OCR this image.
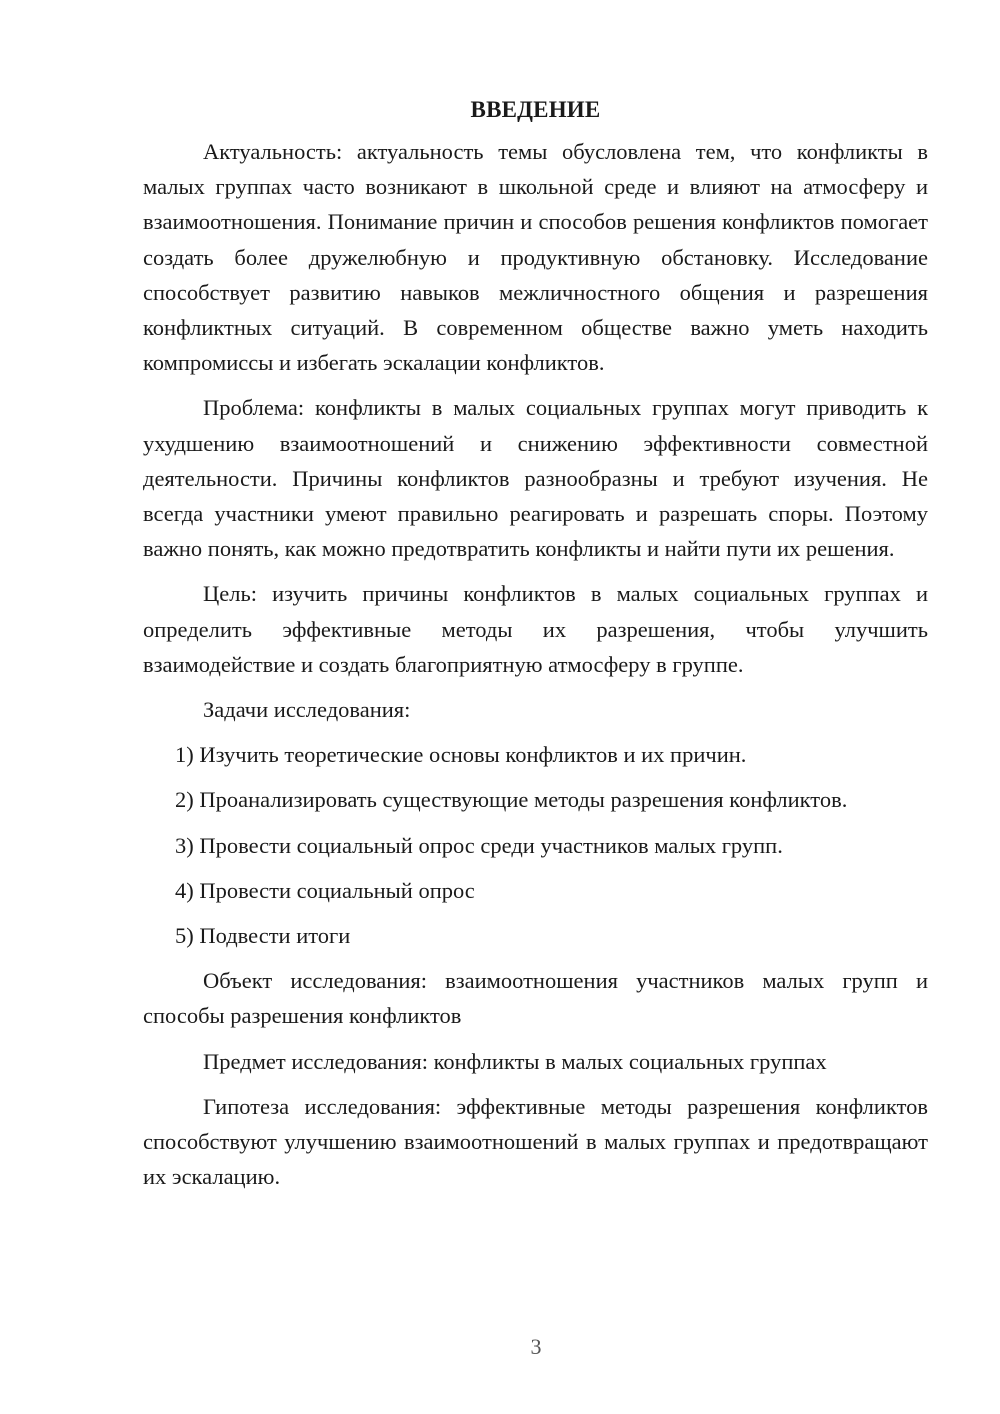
ВВЕДЕНИЕ

Актуальность: актуальность темы обусловлена тем, что конфликты в малых группах часто возникают в школьной среде и влияют на атмосферу и взаимоотношения. Понимание причин и способов решения конфликтов помогает создать более дружелюбную и продуктивную обстановку. Исследование способствует развитию навыков межличностного общения и разрешения конфликтных ситуаций. В современном обществе важно уметь находить компромиссы и избегать эскалации конфликтов.

Проблема: конфликты в малых социальных группах могут приводить к ухудшению взаимоотношений и снижению эффективности совместной деятельности. Причины конфликтов разнообразны и требуют изучения. Не всегда участники умеют правильно реагировать и разрешать споры. Поэтому важно понять, как можно предотвратить конфликты и найти пути их решения.

Цель: изучить причины конфликтов в малых социальных группах и определить эффективные методы их разрешения, чтобы улучшить взаимодействие и создать благоприятную атмосферу в группе.

Задачи исследования:

1) Изучить теоретические основы конфликтов и их причин.
2) Проанализировать существующие методы разрешения конфликтов.
3) Провести социальный опрос среди участников малых групп.
4) Провести социальный опрос
5) Подвести итоги

Объект исследования: взаимоотношения участников малых групп и способы разрешения конфликтов

Предмет исследования: конфликты в малых социальных группах

Гипотеза исследования: эффективные методы разрешения конфликтов способствуют улучшению взаимоотношений в малых группах и предотвращают их эскалацию.

3
